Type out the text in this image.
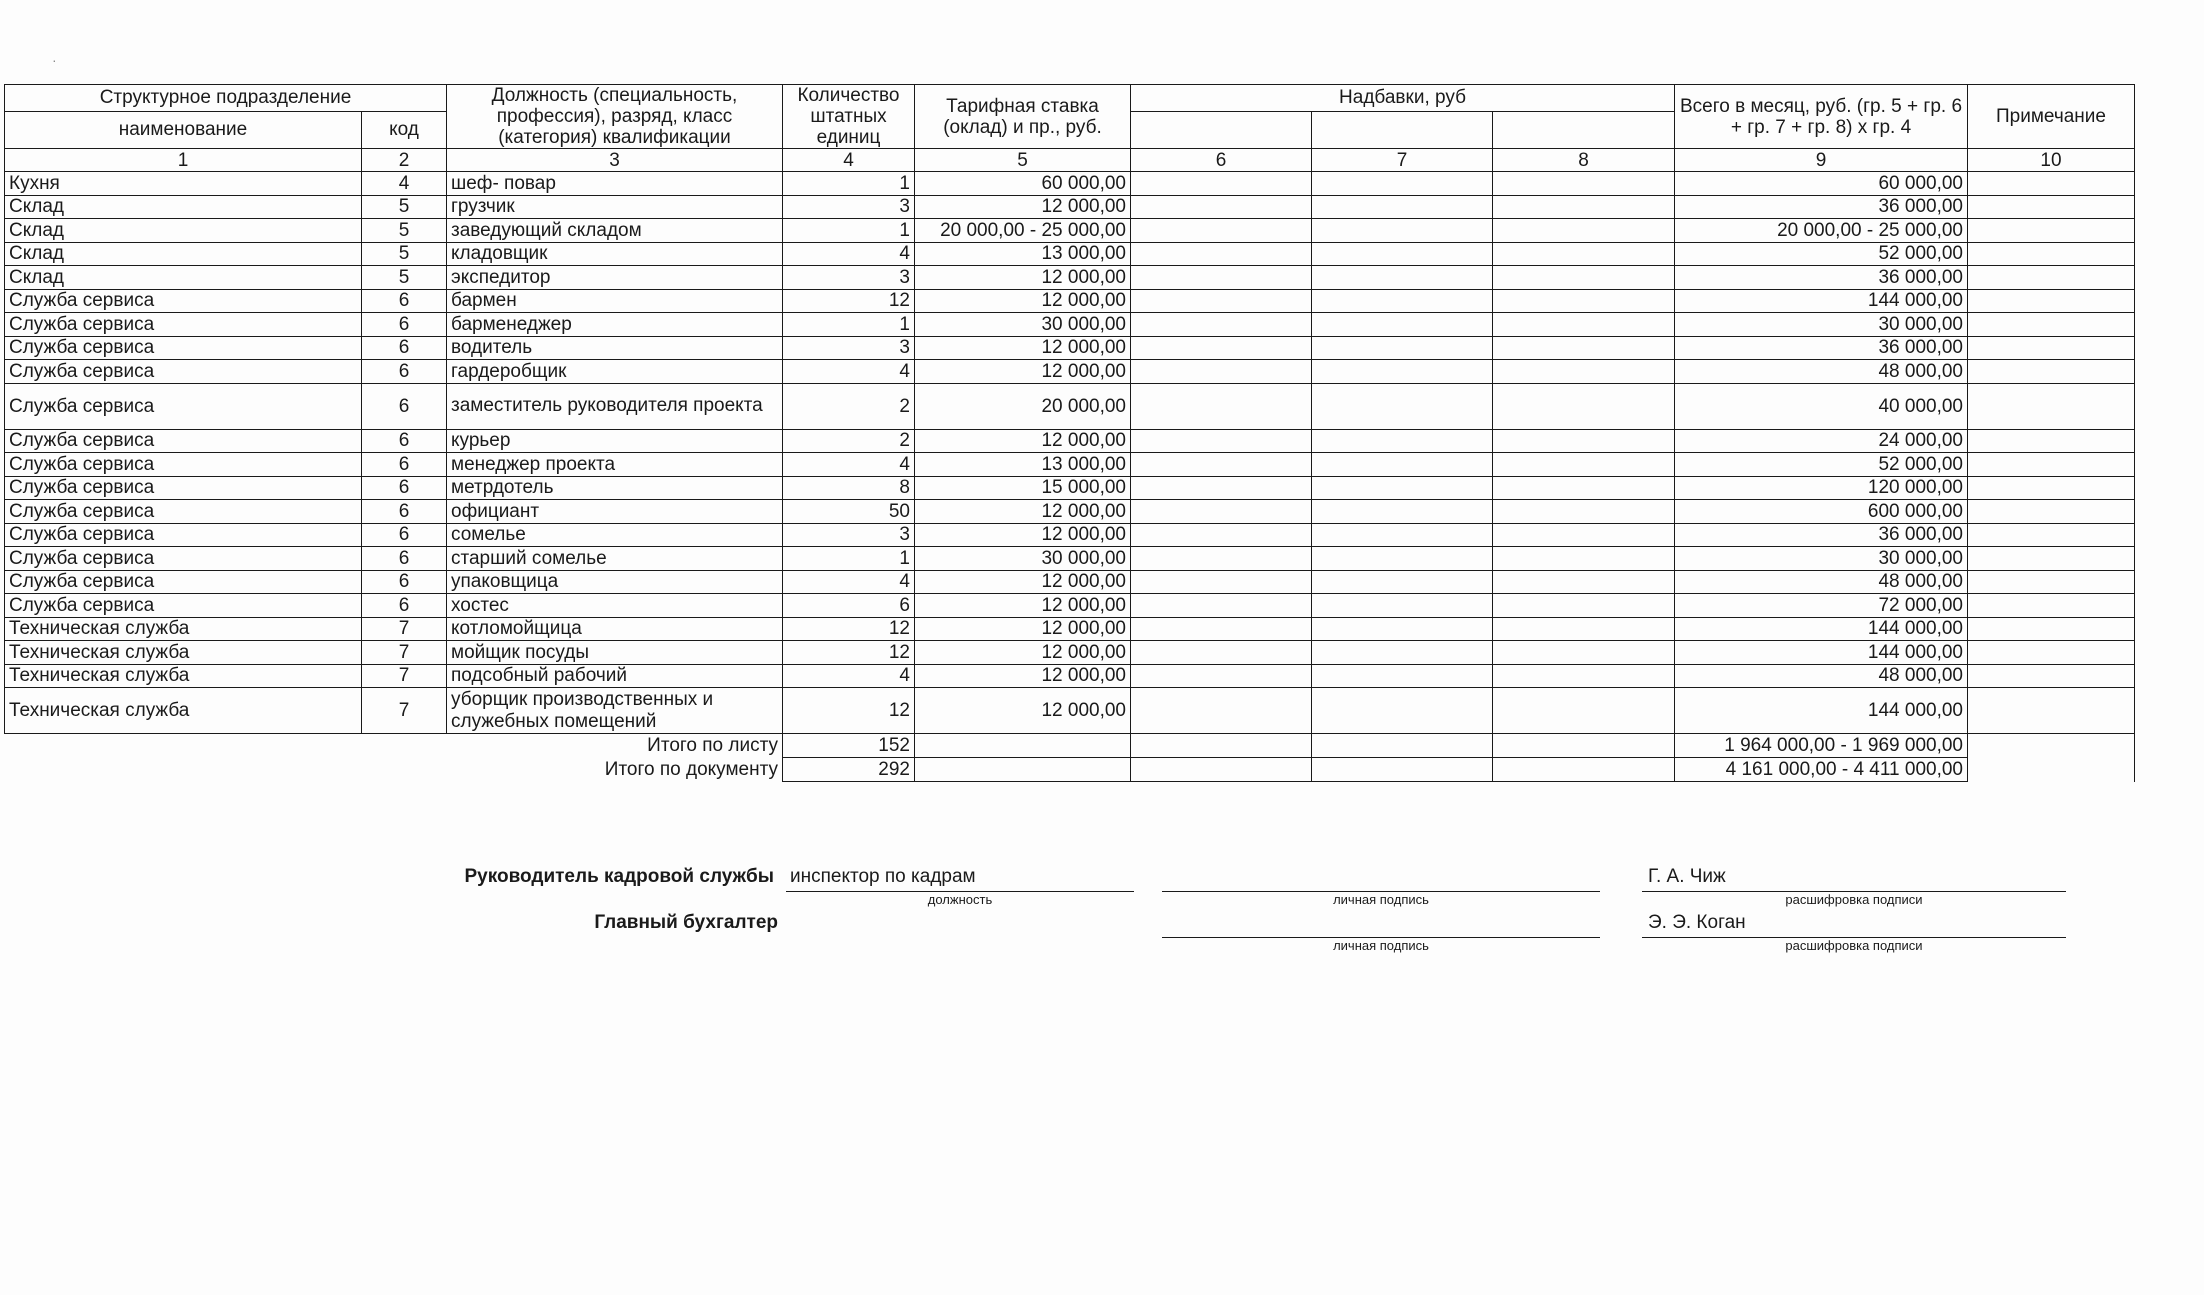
·
Структурное подразделение		Должность (специальность, профессия), разряд, класс (категория) квалификации	Количество штатных единиц	Тарифная ставка (оклад) и пр., руб.	Надбавки, руб			Всего в месяц, руб. (гр. 5 + гр. 6 + гр. 7 + гр. 8) х гр. 4	Примечание
наименование	код								
1	2	3	4	5	6	7	8	9	10
Кухня	4	шеф- повар	1	60 000,00				60 000,00	
Склад	5	грузчик	3	12 000,00				36 000,00	
Склад	5	заведующий складом	1	20 000,00 - 25 000,00				20 000,00 - 25 000,00	
Склад	5	кладовщик	4	13 000,00				52 000,00	
Склад	5	экспедитор	3	12 000,00				36 000,00	
Служба сервиса	6	бармен	12	12 000,00				144 000,00	
Служба сервиса	6	барменеджер	1	30 000,00				30 000,00	
Служба сервиса	6	водитель	3	12 000,00				36 000,00	
Служба сервиса	6	гардеробщик	4	12 000,00				48 000,00	
Служба сервиса	6	заместитель руководителя проекта	2	20 000,00				40 000,00	
Служба сервиса	6	курьер	2	12 000,00				24 000,00	
Служба сервиса	6	менеджер проекта	4	13 000,00				52 000,00	
Служба сервиса	6	метрдотель	8	15 000,00				120 000,00	
Служба сервиса	6	официант	50	12 000,00				600 000,00	
Служба сервиса	6	сомелье	3	12 000,00				36 000,00	
Служба сервиса	6	старший сомелье	1	30 000,00				30 000,00	
Служба сервиса	6	упаковщица	4	12 000,00				48 000,00	
Служба сервиса	6	хостес	6	12 000,00				72 000,00	
Техническая служба	7	котломойщица	12	12 000,00				144 000,00	
Техническая служба	7	мойщик посуды	12	12 000,00				144 000,00	
Техническая служба	7	подсобный рабочий	4	12 000,00				48 000,00	
Техническая служба	7	уборщик производственных и служебных помещений	12	12 000,00				144 000,00	
Итого по листу			152					1 964 000,00 - 1 969 000,00	
Итого по документу			292					4 161 000,00 - 4 411 000,00	
Руководитель кадровой службы инспектор по кадрам
должность	личная подпись
Г. А. Чиж
расшифровка подписи
Главный бухгалтер
личная подпись
Э. Э. Коган
расшифровка подписи
